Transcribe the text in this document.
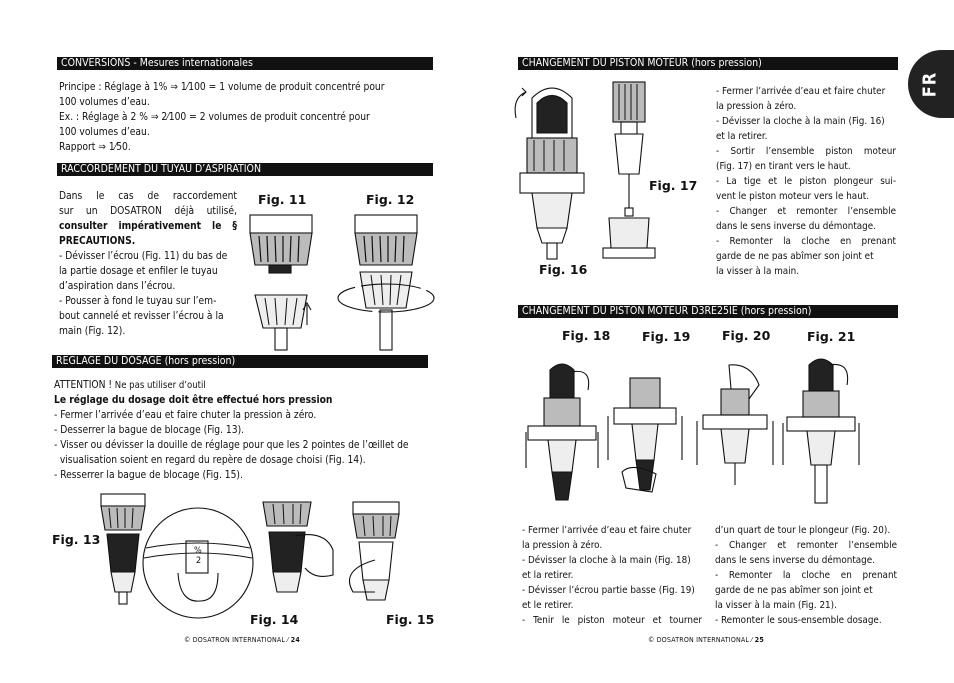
CONVERSIONS - Mesures internationales

Principe : Réglage à 1% ⇒ 1⁄100 = 1 volume de produit concentré pour

100 volumes d’eau.

Ex. : Réglage à 2 % ⇒ 2⁄100 = 2 volumes de produit concentré pour

100 volumes d’eau.

Rapport ⇒ 1⁄50.

RACCORDEMENT DU TUYAU D’ASPIRATION

Dans le cas de raccordement

sur un DOSATRON déjà utilisé,

consulter impérativement le §

PRECAUTIONS.

- Dévisser l’écrou (Fig. 11) du bas de

la partie dosage et enfiler le tuyau

d’aspiration dans l’écrou.

- Pousser à fond le tuyau sur l’em-

bout cannelé et revisser l’écrou à la

main (Fig. 12).

Fig. 11	Fig. 12
REGLAGE DU DOSAGE (hors pression)

ATTENTION ! Ne pas utiliser d’outil

Le réglage du dosage doit être effectué hors pression

- Fermer l’arrivée d’eau et faire chuter la pression à zéro.

- Desserrer la bague de blocage (Fig. 13).

- Visser ou dévisser la douille de réglage pour que les 2 pointes de l’œillet de

visualisation soient en regard du repère de dosage choisi (Fig. 14).

- Resserrer la bague de blocage (Fig. 15).

Fig. 13
%
2
Fig. 14	Fig. 15
© DOSATRON INTERNATIONAL ⁄ 24
FR
CHANGEMENT DU PISTON MOTEUR (hors pression)
Fig. 17
Fig. 16

- Fermer l’arrivée d’eau et faire chuter

la pression à zéro.

- Dévisser la cloche à la main (Fig. 16)

et la retirer.

- Sortir l’ensemble piston moteur

(Fig. 17) en tirant vers le haut.

- La tige et le piston plongeur sui-

vent le piston moteur vers le haut.

- Changer et remonter l’ensemble

dans le sens inverse du démontage.

- Remonter la cloche en prenant

garde de ne pas abîmer son joint et

la visser à la main.

CHANGEMENT DU PISTON MOTEUR D3RE25IE (hors pression)
Fig. 18	Fig. 19	Fig. 20	Fig. 21

- Fermer l’arrivée d’eau et faire chuter

la pression à zéro.

- Dévisser la cloche à la main (Fig. 18)

et la retirer.

- Dévisser l’écrou partie basse (Fig. 19)

et le retirer.

- Tenir le piston moteur et tourner

d’un quart de tour le plongeur (Fig. 20).

- Changer et remonter l’ensemble

dans le sens inverse du démontage.

- Remonter la cloche en prenant

garde de ne pas abîmer son joint et

la visser à la main (Fig. 21).

- Remonter le sous-ensemble dosage.

© DOSATRON INTERNATIONAL ⁄ 25
